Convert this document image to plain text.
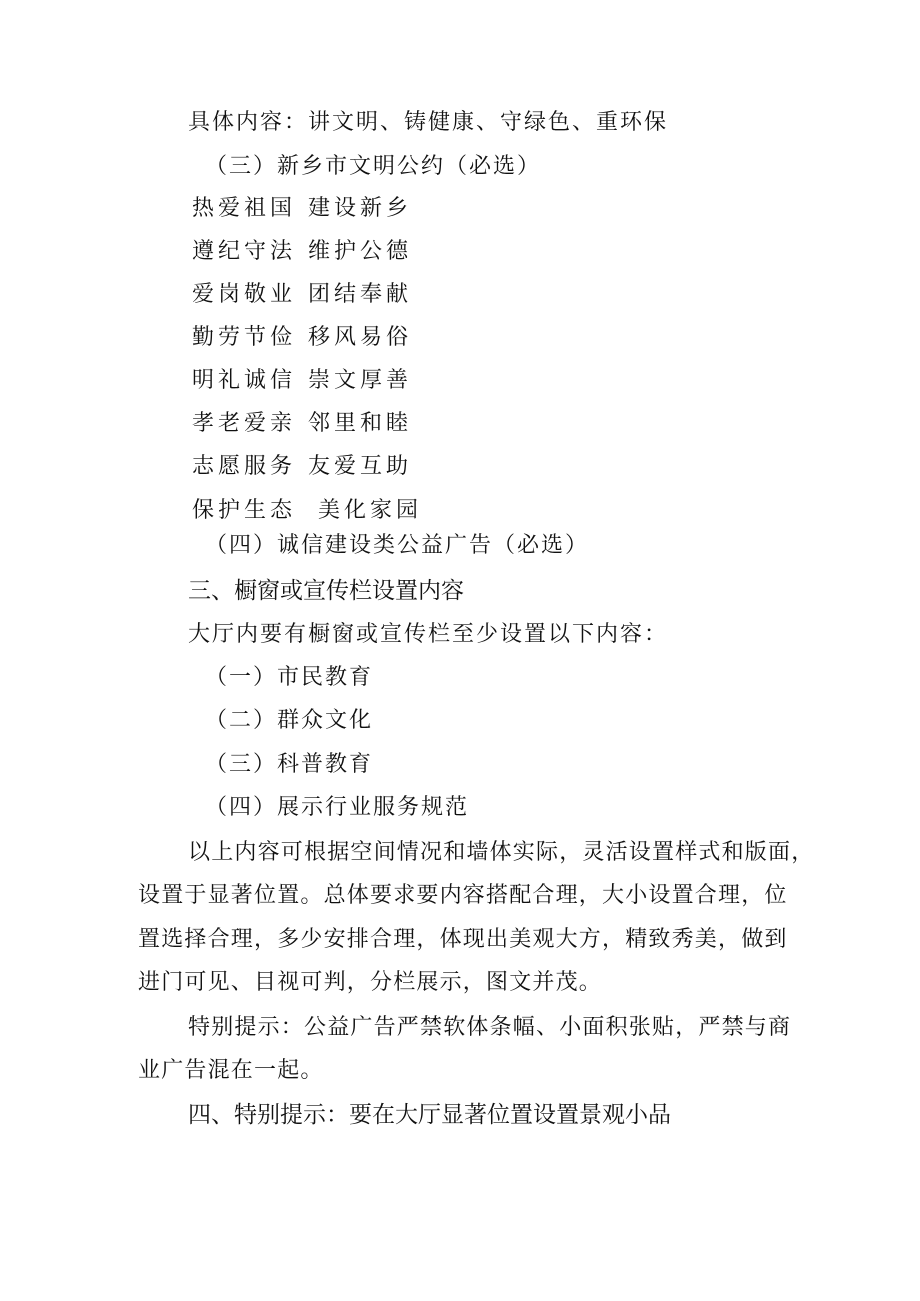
具体内容：讲文明、铸健康、守绿色、重环保
（三）新乡市文明公约（必选）
热爱祖国 建设新乡
遵纪守法 维护公德
爱岗敬业 团结奉献
勤劳节俭 移风易俗
明礼诚信 崇文厚善
孝老爱亲 邻里和睦
志愿服务 友爱互助
保护生态 美化家园
（四）诚信建设类公益广告（必选）
三、橱窗或宣传栏设置内容
大厅内要有橱窗或宣传栏至少设置以下内容：
（一）市民教育
（二）群众文化
（三）科普教育
（四）展示行业服务规范
以上内容可根据空间情况和墙体实际，灵活设置样式和版面，
设置于显著位置。总体要求要内容搭配合理，大小设置合理，位
置选择合理，多少安排合理，体现出美观大方，精致秀美，做到
进门可见、目视可判，分栏展示，图文并茂。
特别提示：公益广告严禁软体条幅、小面积张贴，严禁与商
业广告混在一起。
四、特别提示：要在大厅显著位置设置景观小品
